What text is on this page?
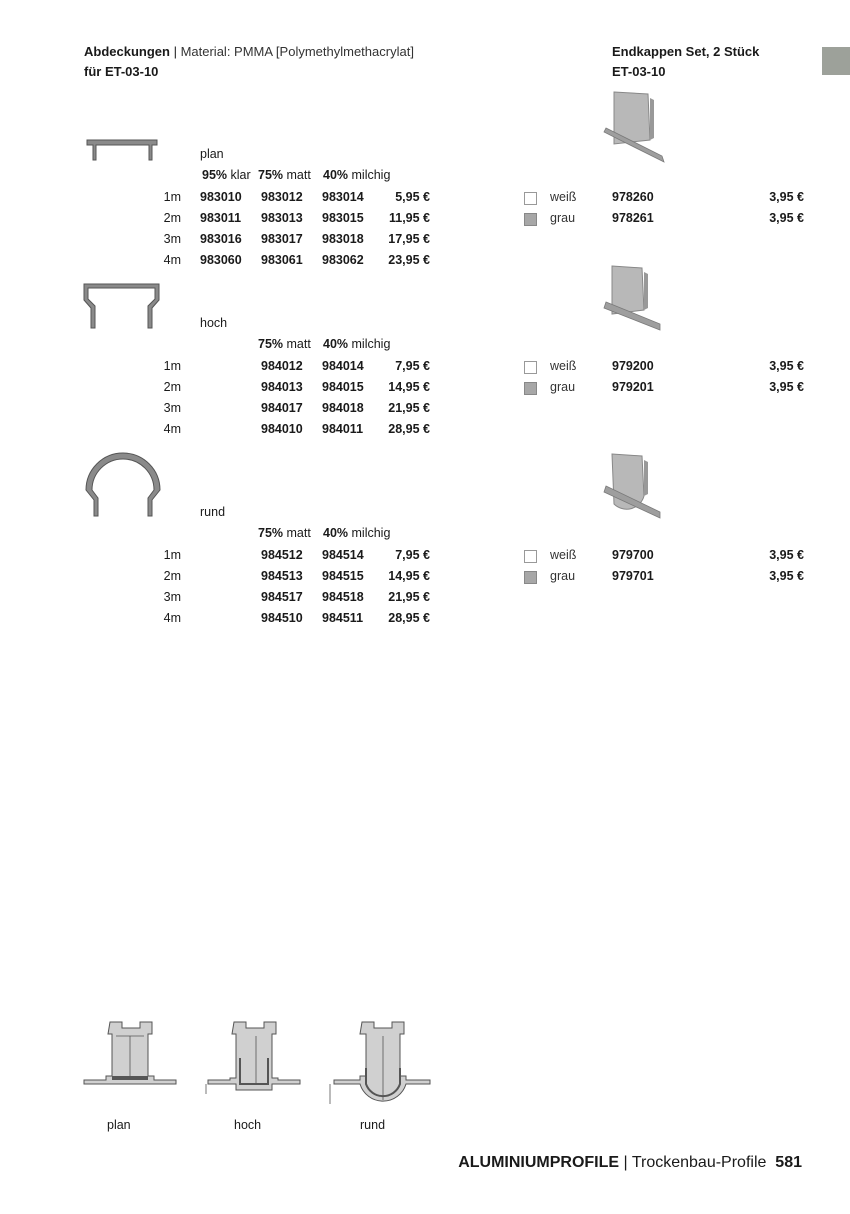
Abdeckungen | Material: PMMA [Polymethylmethacrylat]
für ET-03-10
Endkappen Set, 2 Stück
ET-03-10
plan
95% klar 75% matt 40% milchig
1m 983010 983012 983014	5,95 €
2m 983011 983013 983015	11,95 €
3m 983016 983017 983018	17,95 €
4m 983060 983061 983062	23,95 €
weiß	978260	3,95 €
grau	978261	3,95 €
hoch
75% matt 40% milchig
1m	984012 984014	7,95 €
2m	984013 984015	14,95 €
3m	984017 984018	21,95 €
4m	984010 984011	28,95 €
weiß	979200	3,95 €
grau	979201	3,95 €
rund
75% matt 40% milchig
1m	984512 984514	7,95 €
2m	984513 984515	14,95 €
3m	984517 984518	21,95 €
4m	984510 984511	28,95 €
weiß	979700	3,95 €
grau	979701	3,95 €
plan	hoch	rund
ALUMINIUMPROFILE | Trockenbau-Profile 581
